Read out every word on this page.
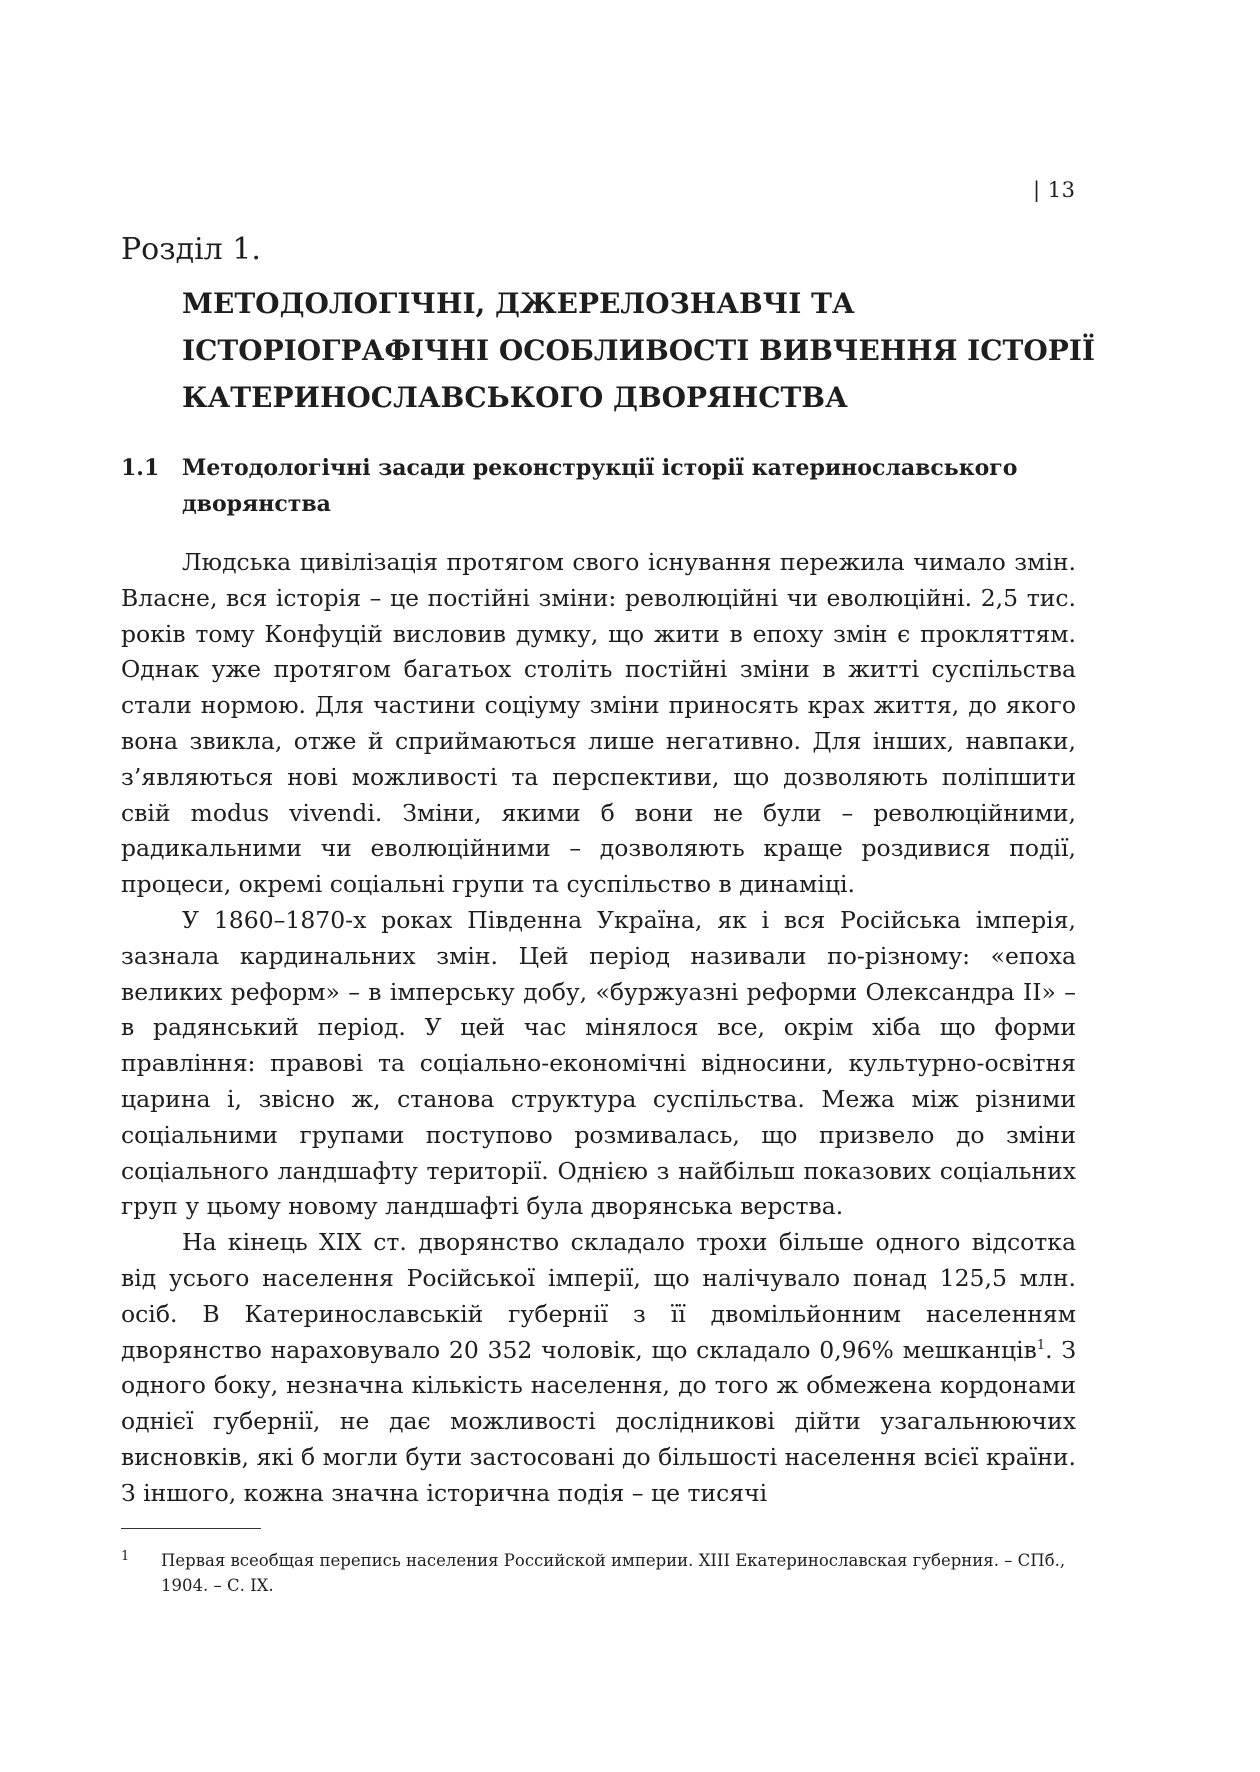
| 13
Розділ 1.
МЕТОДОЛОГІЧНІ, ДЖЕРЕЛОЗНАВЧІ ТА
ІСТОРІОГРАФІЧНІ ОСОБЛИВОСТІ ВИВЧЕННЯ ІСТОРІЇ
КАТЕРИНОСЛАВСЬКОГО ДВОРЯНСТВА
1.1 Методологічні засади реконструкції історії катеринославського дворянства

Людська цивілізація протягом свого існування пережила чимало змін. Власне, вся історія – це постійні зміни: революційні чи еволюційні. 2,5 тис. років тому Конфуцій висловив думку, що жити в епоху змін є прокляттям. Однак уже протягом багатьох століть постійні зміни в житті суспільства стали нормою. Для частини соціуму зміни приносять крах життя, до якого вона звикла, отже й сприймаються лише негативно. Для інших, навпаки, з’являються нові можливості та перспективи, що дозволяють поліпшити свій modus vivendi. Зміни, якими б вони не були – революційними, радикальними чи еволюційними – дозволяють краще роздивися події, процеси, окремі соціальні групи та суспільство в динаміці.

У 1860–1870-х роках Південна Україна, як і вся Російська імперія, зазнала кардинальних змін. Цей період називали по-різному: «епоха великих реформ» – в імперську добу, «буржуазні реформи Олександра ІІ» – в радянський період. У цей час мінялося все, окрім хіба що форми правління: правові та соціально-економічні відносини, культурно-освітня царина і, звісно ж, станова структура суспільства. Межа між різними соціальними групами поступово розмивалась, що призвело до зміни соціального ландшафту території. Однією з найбільш показових соціальних груп у цьому новому ландшафті була дворянська верства.

На кінець ХІХ ст. дворянство складало трохи більше одного відсотка від усього населення Російської імперії, що налічувало понад 125,5 млн. осіб. В Катеринославській губернії з її двомільйонним населенням дворянство нараховувало 20 352 чоловік, що складало 0,96% мешканців$^1$. З одного боку, незначна кількість населення, до того ж обмежена кордонами однієї губернії, не дає можливості дослідникові дійти узагальнюючих висновків, які б могли бути застосовані до більшості населення всієї країни. З іншого, кожна значна історична подія – це тисячі

1 Первая всеобщая перепись населения Российской империи. XIII Екатеринославская губерния. – СПб., 1904. – С. IX.
